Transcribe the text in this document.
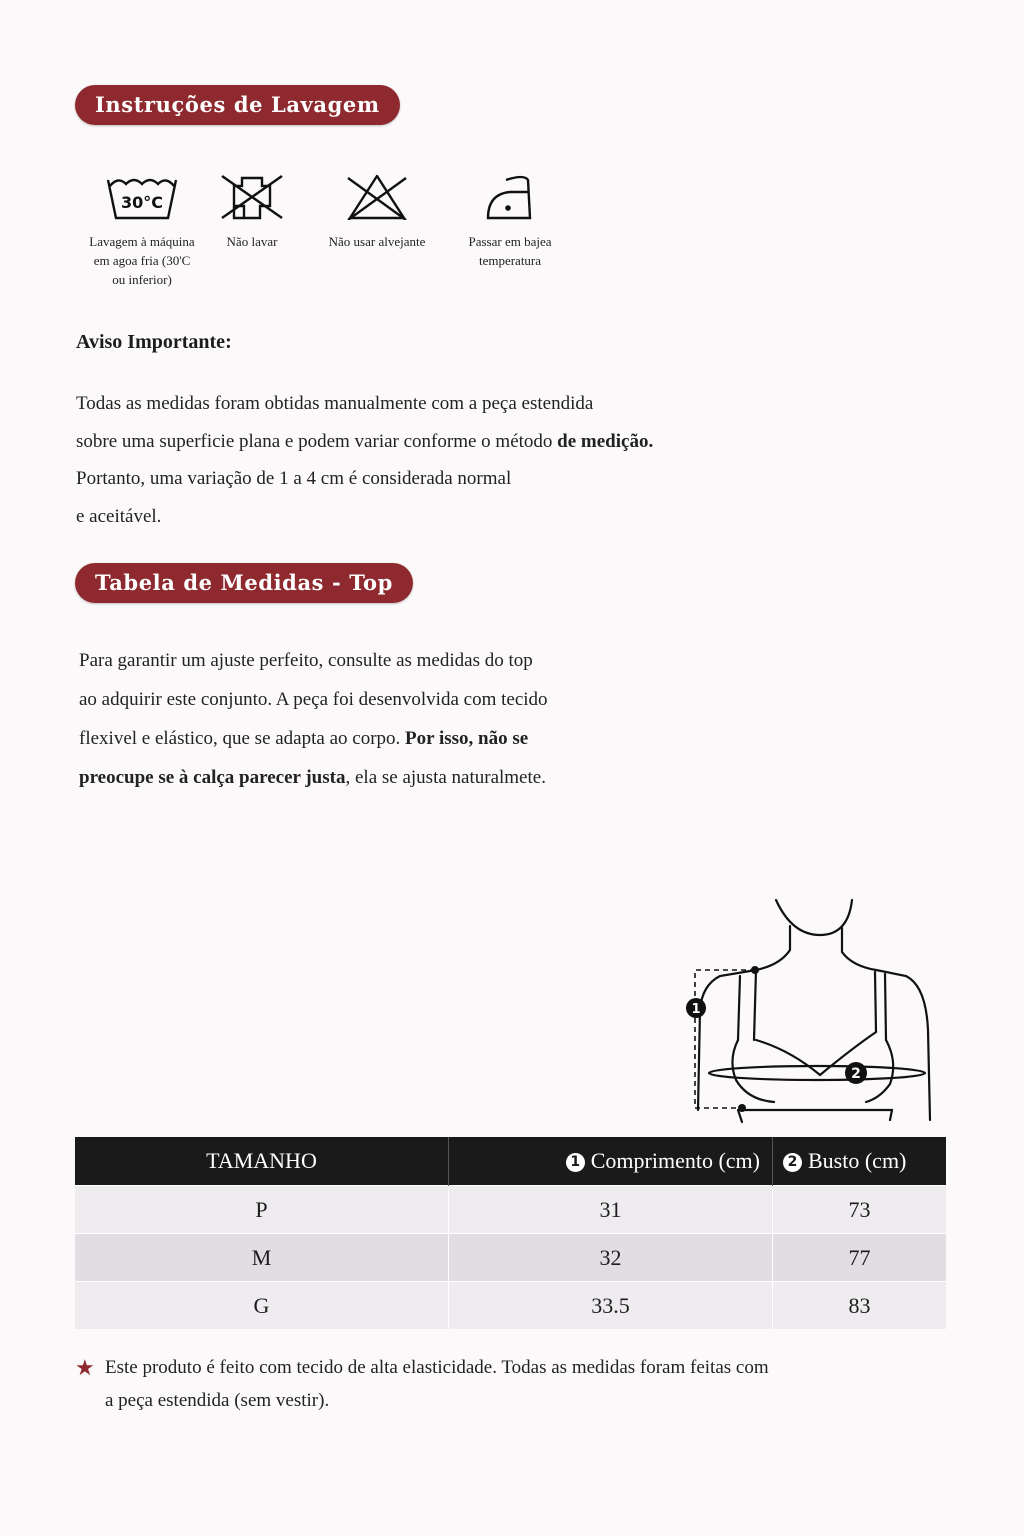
Instruções de Lavagem
30°C
Lavagem à máquina
em agoa fria (30'C
ou inferior)
Não lavar	Não usar alvejante	Passar em bajea
temperatura
Aviso Importante:
Todas as medidas foram obtidas manualmente com a peça estendida
sobre uma superficie plana e podem variar conforme o método de medição.
Portanto, uma variação de 1 a 4 cm é considerada normal
e aceitável.
Tabela de Medidas - Top
Para garantir um ajuste perfeito, consulte as medidas do top
ao adquirir este conjunto. A peça foi desenvolvida com tecido
flexivel e elástico, que se adapta ao corpo. Por isso, não se
preocupe se à calça parecer justa, ela se ajusta naturalmete.
1
2
TAMANHO	1 Comprimento (cm)	2 Busto (cm)
P	31	73
M	32	77
G	33.5	83
★ Este produto é feito com tecido de alta elasticidade. Todas as medidas foram feitas com
a peça estendida (sem vestir).
